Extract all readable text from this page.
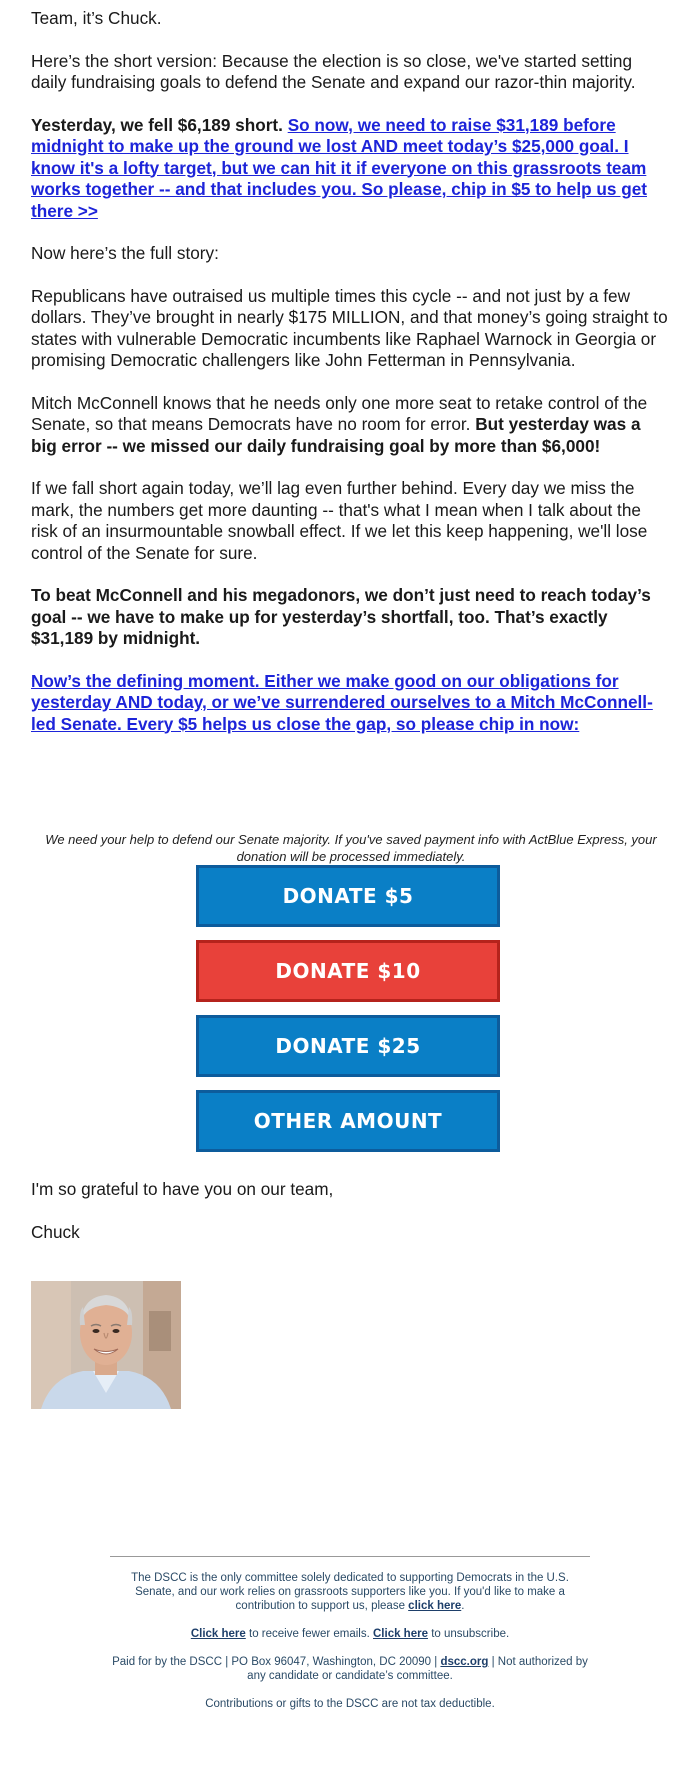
Team, it’s Chuck.

Here’s the short version: Because the election is so close, we've started setting daily fundraising goals to defend the Senate and expand our razor-thin majority.

Yesterday, we fell $6,189 short. So now, we need to raise $31,189 before midnight to make up the ground we lost AND meet today’s $25,000 goal. I know it's a lofty target, but we can hit it if everyone on this grassroots team works together -- and that includes you. So please, chip in $5 to help us get there >>

Now here’s the full story:

Republicans have outraised us multiple times this cycle -- and not just by a few dollars. They’ve brought in nearly $175 MILLION, and that money’s going straight to states with vulnerable Democratic incumbents like Raphael Warnock in Georgia or promising Democratic challengers like John Fetterman in Pennsylvania.

Mitch McConnell knows that he needs only one more seat to retake control of the Senate, so that means Democrats have no room for error. But yesterday was a big error -- we missed our daily fundraising goal by more than $6,000!

If we fall short again today, we’ll lag even further behind. Every day we miss the mark, the numbers get more daunting -- that's what I mean when I talk about the risk of an insurmountable snowball effect. If we let this keep happening, we'll lose control of the Senate for sure.

To beat McConnell and his megadonors, we don’t just need to reach today’s goal -- we have to make up for yesterday’s shortfall, too. That’s exactly $31,189 by midnight.

Now’s the defining moment. Either we make good on our obligations for yesterday AND today, or we’ve surrendered ourselves to a Mitch McConnell-led Senate. Every $5 helps us close the gap, so please chip in now:

We need your help to defend our Senate majority. If you've saved payment info with ActBlue Express, your donation will be processed immediately.

DONATE $5
DONATE $10
DONATE $25
OTHER AMOUNT

I'm so grateful to have you on our team,

Chuck

The DSCC is the only committee solely dedicated to supporting Democrats in the U.S. Senate, and our work relies on grassroots supporters like you. If you'd like to make a contribution to support us, please click here.

Click here to receive fewer emails. Click here to unsubscribe.

Paid for by the DSCC | PO Box 96047, Washington, DC 20090 | dscc.org | Not authorized by any candidate or candidate’s committee.

Contributions or gifts to the DSCC are not tax deductible.
